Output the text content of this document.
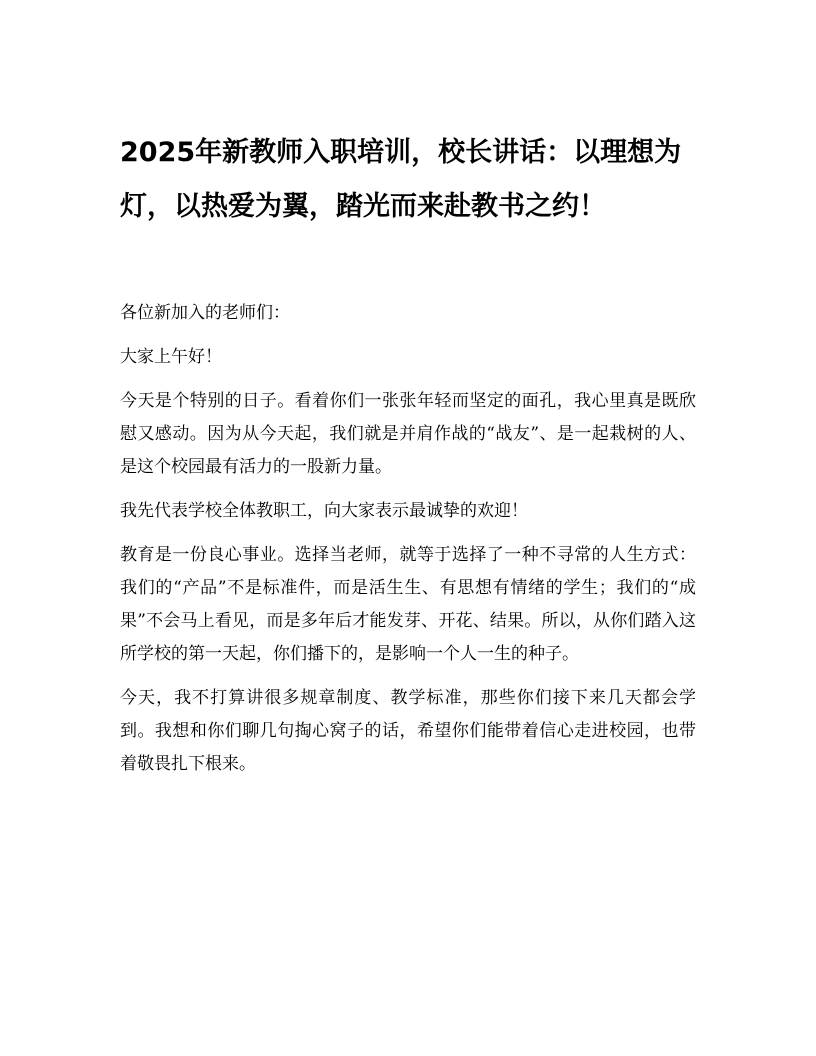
2025年新教师入职培训，校长讲话：以理想为灯，以热爱为翼，踏光而来赴教书之约！

各位新加入的老师们：

大家上午好！

今天是个特别的日子。看着你们一张张年轻而坚定的面孔，我心里真是既欣慰又感动。因为从今天起，我们就是并肩作战的“战友”、是一起栽树的人、是这个校园最有活力的一股新力量。

我先代表学校全体教职工，向大家表示最诚挚的欢迎！

教育是一份良心事业。选择当老师，就等于选择了一种不寻常的人生方式：我们的“产品”不是标准件，而是活生生、有思想有情绪的学生；我们的“成果”不会马上看见，而是多年后才能发芽、开花、结果。所以，从你们踏入这所学校的第一天起，你们播下的，是影响一个人一生的种子。

今天，我不打算讲很多规章制度、教学标准，那些你们接下来几天都会学到。我想和你们聊几句掏心窝子的话，希望你们能带着信心走进校园，也带着敬畏扎下根来。
